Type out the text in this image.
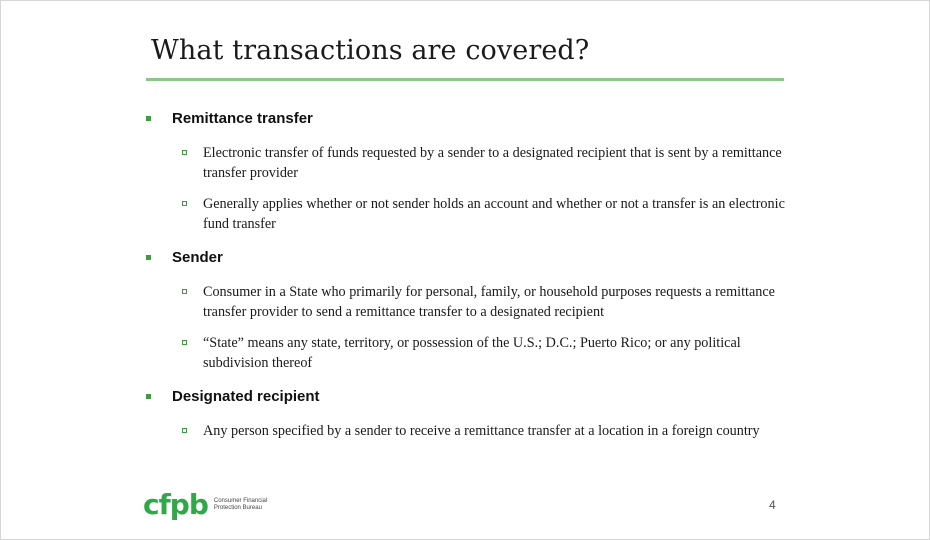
What transactions are covered?
Remittance transfer
Electronic transfer of funds requested by a sender to a designated recipient that is sent by a remittance transfer provider
Generally applies whether or not sender holds an account and whether or not a transfer is an electronic fund transfer
Sender
Consumer in a State who primarily for personal, family, or household purposes requests a remittance transfer provider to send a remittance transfer to a designated recipient
“State” means any state, territory, or possession of the U.S.; D.C.; Puerto Rico; or any political subdivision thereof
Designated recipient
Any person specified by a sender to receive a remittance transfer at a location in a foreign country
cfpb Consumer Financial
Protection Bureau	4
